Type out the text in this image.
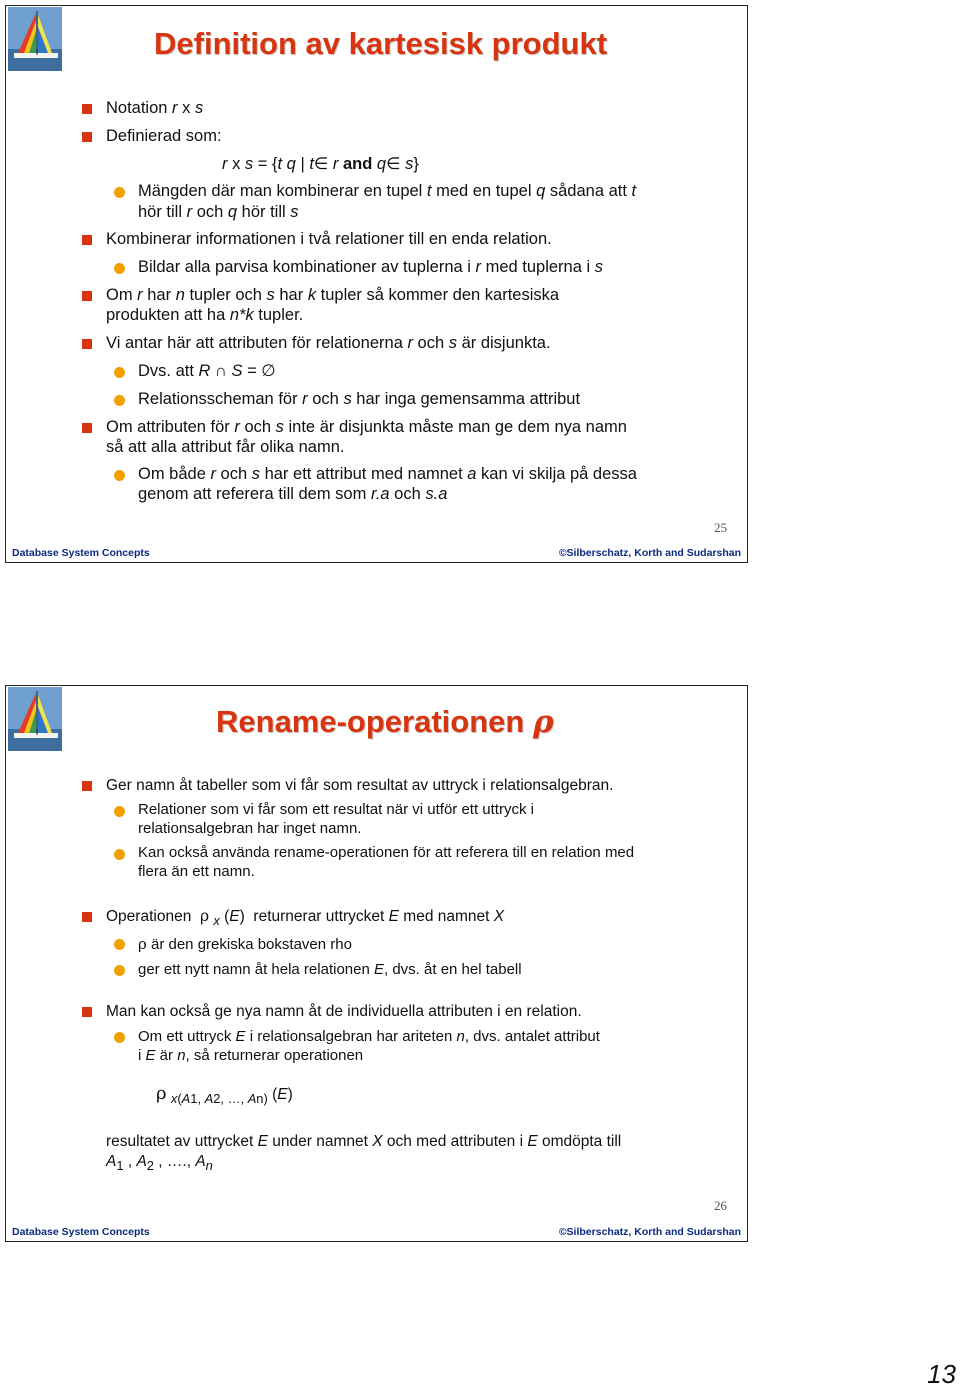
Definition av kartesisk produkt
Notation r x s
Definierad som:
r x s = {t q | t∈ r and q∈ s}
Mängden där man kombinerar en tupel t med en tupel q sådana att t
hör till r och q hör till s
Kombinerar informationen i två relationer till en enda relation.
Bildar alla parvisa kombinationer av tuplerna i r med tuplerna i s
Om r har n tupler och s har k tupler så kommer den kartesiska
produkten att ha n*k tupler.
Vi antar här att attributen för relationerna r och s är disjunkta.
Dvs. att R ∩ S = ∅
Relationsscheman för r och s har inga gemensamma attribut
Om attributen för r och s inte är disjunkta måste man ge dem nya namn
så att alla attribut får olika namn.
Om både r och s har ett attribut med namnet a kan vi skilja på dessa
genom att referera till dem som r.a och s.a
25
Database System Concepts	©Silberschatz, Korth and Sudarshan
Rename-operationen ρ
Ger namn åt tabeller som vi får som resultat av uttryck i relationsalgebran.
Relationer som vi får som ett resultat när vi utför ett uttryck i
relationsalgebran har inget namn.
Kan också använda rename-operationen för att referera till en relation med
flera än ett namn.
Operationen  ρ $_x$ (E)  returnerar uttrycket E med namnet X
ρ är den grekiska bokstaven rho
ger ett nytt namn åt hela relationen E, dvs. åt en hel tabell
Man kan också ge nya namn åt de individuella attributen i en relation.
Om ett uttryck E i relationsalgebran har ariteten n, dvs. antalet attribut
i E är n, så returnerar operationen
ρ $_{x(A1, A2, \dots, An)}$ (E)
resultatet av uttrycket E under namnet X och med attributen i E omdöpta till
$A_1$ , $A_2$ , …., $A_n$
26
Database System Concepts	©Silberschatz, Korth and Sudarshan
13
